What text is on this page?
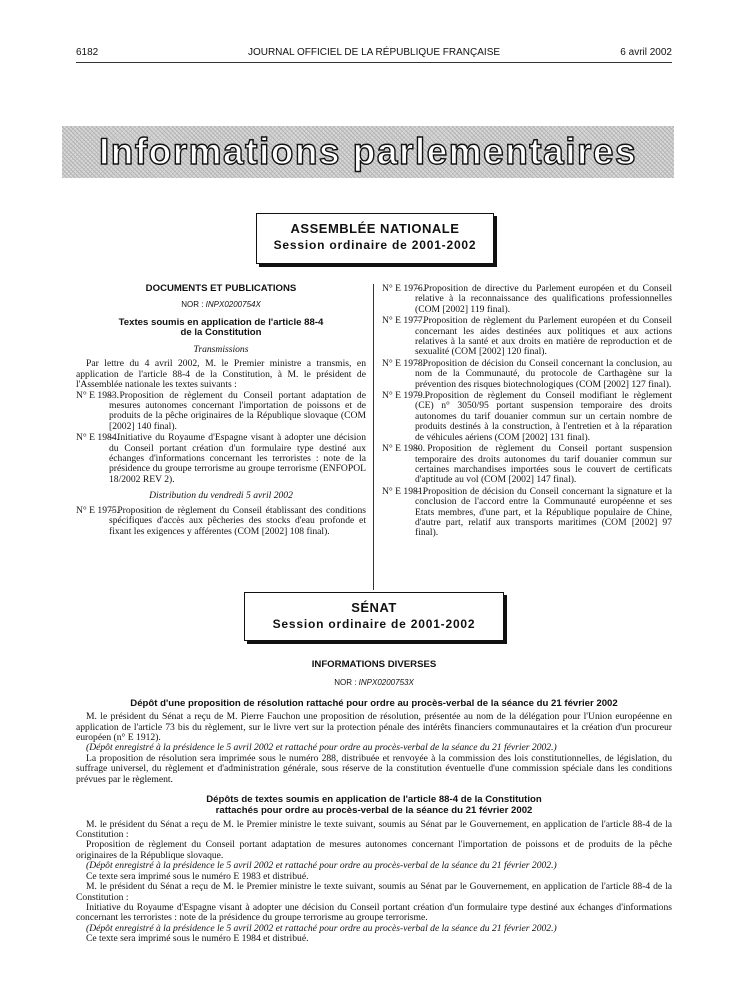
6182	JOURNAL OFFICIEL DE LA RÉPUBLIQUE FRANÇAISE	6 avril 2002
Informations parlementaires
ASSEMBLÉE NATIONALE
Session ordinaire de 2001-2002

DOCUMENTS ET PUBLICATIONS

NOR : INPX0200754X

Textes soumis en application de l'article 88-4
de la Constitution

Transmissions

Par lettre du 4 avril 2002, M. le Premier ministre a transmis, en application de l'article 88-4 de la Constitution, à M. le président de l'Assemblée nationale les textes suivants :

N° E 1983.
– Proposition de règlement du Conseil portant adaptation de mesures autonomes concernant l'importation de poissons et de produits de la pêche originaires de la République slovaque (COM [2002] 140 final).
N° E 1984.
– Initiative du Royaume d'Espagne visant à adopter une décision du Conseil portant création d'un formulaire type destiné aux échanges d'informations concernant les terroristes : note de la présidence du groupe terrorisme au groupe terrorisme (ENFOPOL 18/2002 REV 2).

Distribution du vendredi 5 avril 2002

N° E 1975.
– Proposition de règlement du Conseil établissant des conditions spécifiques d'accès aux pêcheries des stocks d'eau profonde et fixant les exigences y afférentes (COM [2002] 108 final).
N° E 1976.
– Proposition de directive du Parlement européen et du Conseil relative à la reconnaissance des qualifications professionnelles (COM [2002] 119 final).
N° E 1977.
– Proposition de règlement du Parlement européen et du Conseil concernant les aides destinées aux politiques et aux actions relatives à la santé et aux droits en matière de reproduction et de sexualité (COM [2002] 120 final).
N° E 1978.
– Proposition de décision du Conseil concernant la conclusion, au nom de la Communauté, du protocole de Carthagène sur la prévention des risques biotechnologiques (COM [2002] 127 final).
N° E 1979.
– Proposition de règlement du Conseil modifiant le règlement (CE) n° 3050/95 portant suspension temporaire des droits autonomes du tarif douanier commun sur un certain nombre de produits destinés à la construction, à l'entretien et à la réparation de véhicules aériens (COM [2002] 131 final).
N° E 1980.
– Proposition de règlement du Conseil portant suspension temporaire des droits autonomes du tarif douanier commun sur certaines marchandises importées sous le couvert de certificats d'aptitude au vol (COM [2002] 147 final).
N° E 1981.
– Proposition de décision du Conseil concernant la signature et la conclusion de l'accord entre la Communauté européenne et ses Etats membres, d'une part, et la République populaire de Chine, d'autre part, relatif aux transports maritimes (COM [2002] 97 final).
SÉNAT
Session ordinaire de 2001-2002

INFORMATIONS DIVERSES

NOR : INPX0200753X

Dépôt d'une proposition de résolution rattaché pour ordre au procès-verbal de la séance du 21 février 2002

M. le président du Sénat a reçu de M. Pierre Fauchon une proposition de résolution, présentée au nom de la délégation pour l'Union européenne en application de l'article 73 bis du règlement, sur le livre vert sur la protection pénale des intérêts financiers communautaires et la création d'un procureur européen (n° E 1912).

(Dépôt enregistré à la présidence le 5 avril 2002 et rattaché pour ordre au procès-verbal de la séance du 21 février 2002.)

La proposition de résolution sera imprimée sous le numéro 288, distribuée et renvoyée à la commission des lois constitutionnelles, de législation, du suffrage universel, du règlement et d'administration générale, sous réserve de la constitution éventuelle d'une commission spéciale dans les conditions prévues par le règlement.

Dépôts de textes soumis en application de l'article 88-4 de la Constitution
rattachés pour ordre au procès-verbal de la séance du 21 février 2002

M. le président du Sénat a reçu de M. le Premier ministre le texte suivant, soumis au Sénat par le Gouvernement, en application de l'article 88-4 de la Constitution :

Proposition de règlement du Conseil portant adaptation de mesures autonomes concernant l'importation de poissons et de produits de la pêche originaires de la République slovaque.

(Dépôt enregistré à la présidence le 5 avril 2002 et rattaché pour ordre au procès-verbal de la séance du 21 février 2002.)

Ce texte sera imprimé sous le numéro E 1983 et distribué.

M. le président du Sénat a reçu de M. le Premier ministre le texte suivant, soumis au Sénat par le Gouvernement, en application de l'article 88-4 de la Constitution :

Initiative du Royaume d'Espagne visant à adopter une décision du Conseil portant création d'un formulaire type destiné aux échanges d'informations concernant les terroristes : note de la présidence du groupe terrorisme au groupe terrorisme.

(Dépôt enregistré à la présidence le 5 avril 2002 et rattaché pour ordre au procès-verbal de la séance du 21 février 2002.)

Ce texte sera imprimé sous le numéro E 1984 et distribué.
